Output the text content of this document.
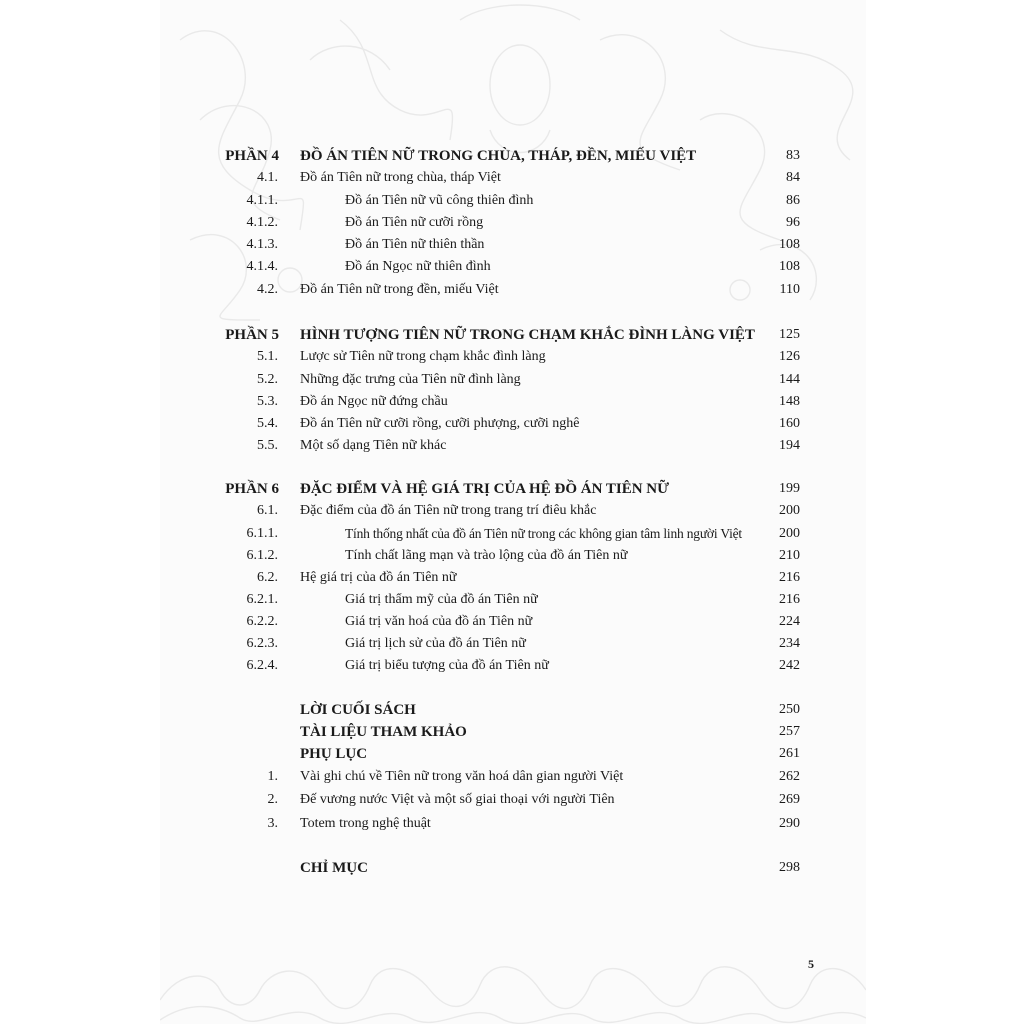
PHẦN 4 ĐỒ ÁN TIÊN NỮ TRONG CHÙA, THÁP, ĐỀN, MIẾU VIỆT	83
4.1. Đồ án Tiên nữ trong chùa, tháp Việt	84
4.1.1.	Đồ án Tiên nữ vũ công thiên đình	86
4.1.2.	Đồ án Tiên nữ cưỡi rồng	96
4.1.3.	Đồ án Tiên nữ thiên thần	108
4.1.4.	Đồ án Ngọc nữ thiên đình	108
4.2. Đồ án Tiên nữ trong đền, miếu Việt	110
PHẦN 5 HÌNH TƯỢNG TIÊN NỮ TRONG CHẠM KHẮC ĐÌNH LÀNG VIỆT 125
5.1. Lược sử Tiên nữ trong chạm khắc đình làng	126
5.2. Những đặc trưng của Tiên nữ đình làng	144
5.3. Đồ án Ngọc nữ đứng chầu	148
5.4. Đồ án Tiên nữ cưỡi rồng, cưỡi phượng, cưỡi nghê	160
5.5. Một số dạng Tiên nữ khác	194
PHẦN 6 ĐẶC ĐIỂM VÀ HỆ GIÁ TRỊ CỦA HỆ ĐỒ ÁN TIÊN NỮ	199
6.1. Đặc điểm của đồ án Tiên nữ trong trang trí điêu khắc	200
6.1.1.	Tính thống nhất của đồ án Tiên nữ trong các không gian tâm linh người Việt	200
6.1.2.	Tính chất lãng mạn và trào lộng của đồ án Tiên nữ	210
6.2. Hệ giá trị của đồ án Tiên nữ	216
6.2.1.	Giá trị thẩm mỹ của đồ án Tiên nữ	216
6.2.2.	Giá trị văn hoá của đồ án Tiên nữ	224
6.2.3.	Giá trị lịch sử của đồ án Tiên nữ	234
6.2.4.	Giá trị biểu tượng của đồ án Tiên nữ	242
LỜI CUỐI SÁCH	250
TÀI LIỆU THAM KHẢO	257
PHỤ LỤC	261
1. Vài ghi chú về Tiên nữ trong văn hoá dân gian người Việt	262
2. Đế vương nước Việt và một số giai thoại với người Tiên	269
3. Totem trong nghệ thuật	290
CHỈ MỤC	298
5
